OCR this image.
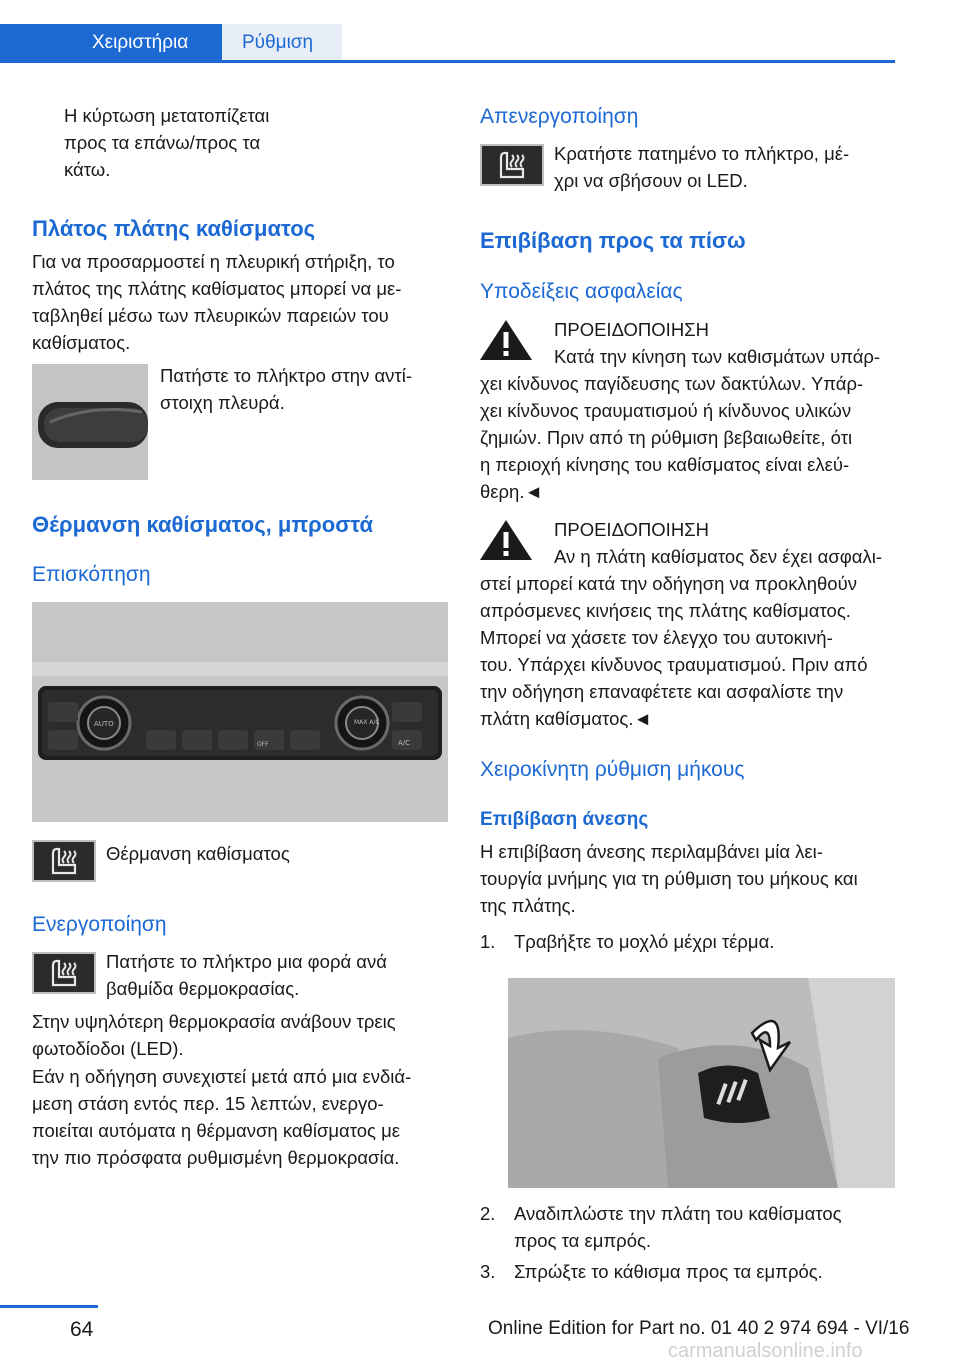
Χειριστήρια	Ρύθμιση

Η κύρτωση μετατοπίζεται

προς τα επάνω/προς τα

κάτω.

Πλάτος πλάτης καθίσματος

Για να προσαρμοστεί η πλευρική στήριξη, το

πλάτος της πλάτης καθίσματος μπορεί να με-

ταβληθεί μέσω των πλευρικών παρειών του

καθίσματος.

Πατήστε το πλήκτρο στην αντί-

στοιχη πλευρά.

Θέρμανση καθίσματος, μπροστά
Επισκόπηση
AUTO	MAX A/C
A/C
OFF

Θέρμανση καθίσματος

Ενεργοποίηση

Πατήστε το πλήκτρο μια φορά ανά

βαθμίδα θερμοκρασίας.

Στην υψηλότερη θερμοκρασία ανάβουν τρεις

φωτοδίοδοι (LED).

Εάν η οδήγηση συνεχιστεί μετά από μια ενδιά-

μεση στάση εντός περ. 15 λεπτών, ενεργο-

ποιείται αυτόματα η θέρμανση καθίσματος με

την πιο πρόσφατα ρυθμισμένη θερμοκρασία.

Απενεργοποίηση

Κρατήστε πατημένο το πλήκτρο, μέ-

χρι να σβήσουν οι LED.

Επιβίβαση προς τα πίσω
Υποδείξεις ασφαλείας

ΠΡΟΕΙΔΟΠΟΙΗΣΗ

Κατά την κίνηση των καθισμάτων υπάρ-

χει κίνδυνος παγίδευσης των δακτύλων. Υπάρ-

χει κίνδυνος τραυματισμού ή κίνδυνος υλικών

ζημιών. Πριν από τη ρύθμιση βεβαιωθείτε, ότι

η περιοχή κίνησης του καθίσματος είναι ελεύ-

θερη.◄

ΠΡΟΕΙΔΟΠΟΙΗΣΗ

Αν η πλάτη καθίσματος δεν έχει ασφαλι-

στεί μπορεί κατά την οδήγηση να προκληθούν

απρόσμενες κινήσεις της πλάτης καθίσματος.

Μπορεί να χάσετε τον έλεγχο του αυτοκινή-

του. Υπάρχει κίνδυνος τραυματισμού. Πριν από

την οδήγηση επαναφέτετε και ασφαλίστε την

πλάτη καθίσματος.◄

Χειροκίνητη ρύθμιση μήκους
Επιβίβαση άνεσης

Η επιβίβαση άνεσης περιλαμβάνει μία λει-

τουργία μνήμης για τη ρύθμιση του μήκους και

της πλάτης.

1. Τραβήξτε το μοχλό μέχρι τέρμα.

2. Αναδιπλώστε την πλάτη του καθίσματος

προς τα εμπρός.

3. Σπρώξτε το κάθισμα προς τα εμπρός.

64	Online Edition for Part no. 01 40 2 974 694 - VI/16
carmanualsonline.info
